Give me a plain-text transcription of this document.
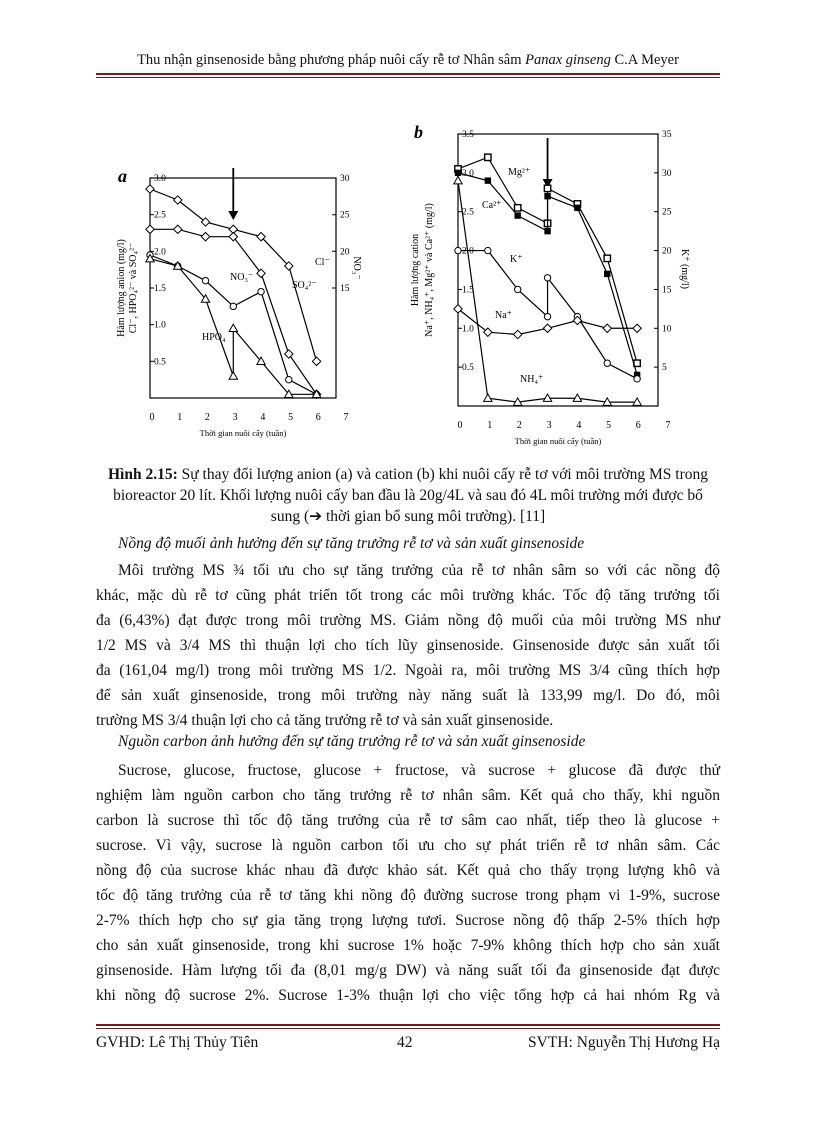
Thu nhận ginsenoside bằng phương pháp nuôi cấy rễ tơ Nhân sâm Panax ginseng C.A Meyer
0 1 2 3 4 5 6 7
0.5
1.0
1.5
2.0
2.5
3.0
15
20
25
30
Thời gian nuôi cấy (tuần)
Hàm lượng anion (mg/l) Cl⁻, HPO₄²⁻ và SO₄²⁻	NO₃⁻
a
Cl⁻
SO₄²⁻
NO₃⁻
HPO₄
0 1 2 3 4 5 6 7
0.5
1.0
1.5
2.0
2.5
3.0
3.5
5
10
15
20
25
30
35
Thời gian nuôi cấy (tuần)
Hàm lượng cation Na⁺, NH₄⁺, Mg²⁺ và Ca²⁺ (mg/l)	K⁺ (mg/l)
b
Mg²⁺
Ca²⁺
K⁺
Na⁺
NH₄⁺
Hình 2.15: Sự thay đổi lượng anion (a) và cation (b) khi nuôi cấy rễ tơ với môi trường MS trong bioreactor 20 lít. Khối lượng nuôi cấy ban đầu là 20g/4L và sau đó 4L môi trường mới được bổ sung (➔ thời gian bổ sung môi trường). [11]
Nồng độ muối ảnh hưởng đến sự tăng trưởng rễ tơ và sản xuất ginsenoside
Môi trường MS ¾ tối ưu cho sự tăng trưởng của rễ tơ nhân sâm so với các nồng độ
khác, mặc dù rễ tơ cũng phát triển tốt trong các môi trường khác. Tốc độ tăng trưởng tối
đa (6,43%) đạt được trong môi trường MS. Giảm nồng độ muối của môi trường MS như
1/2 MS và 3/4 MS thì thuận lợi cho tích lũy ginsenoside. Ginsenoside được sản xuất tối
đa (161,04 mg/l) trong môi trường MS 1/2. Ngoài ra, môi trường MS 3/4 cũng thích hợp
để sản xuất ginsenoside, trong môi trường này năng suất là 133,99 mg/l. Do đó, môi
trường MS 3/4 thuận lợi cho cả tăng trưởng rễ tơ và sản xuất ginsenoside.
Nguồn carbon ảnh hưởng đến sự tăng trưởng rễ tơ và sản xuất ginsenoside
Sucrose, glucose, fructose, glucose + fructose, và sucrose + glucose đã được thử
nghiệm làm nguồn carbon cho tăng trưởng rễ tơ nhân sâm. Kết quả cho thấy, khi nguồn
carbon là sucrose thì tốc độ tăng trưởng của rễ tơ sâm cao nhất, tiếp theo là glucose +
sucrose. Vì vậy, sucrose là nguồn carbon tối ưu cho sự phát triển rễ tơ nhân sâm. Các
nồng độ của sucrose khác nhau đã được khảo sát. Kết quả cho thấy trọng lượng khô và
tốc độ tăng trưởng của rễ tơ tăng khi nồng độ đường sucrose trong phạm vi 1-9%, sucrose
2-7% thích hợp cho sự gia tăng trọng lượng tươi. Sucrose nồng độ thấp 2-5% thích hợp
cho sản xuất ginsenoside, trong khi sucrose 1% hoặc 7-9% không thích hợp cho sản xuất
ginsenoside. Hàm lượng tối đa (8,01 mg/g DW) và năng suất tối đa ginsenoside đạt được
khi nồng độ sucrose 2%. Sucrose 1-3% thuận lợi cho việc tổng hợp cả hai nhóm Rg và
GVHD: Lê Thị Thủy Tiên	42	SVTH: Nguyễn Thị Hương Hạ
